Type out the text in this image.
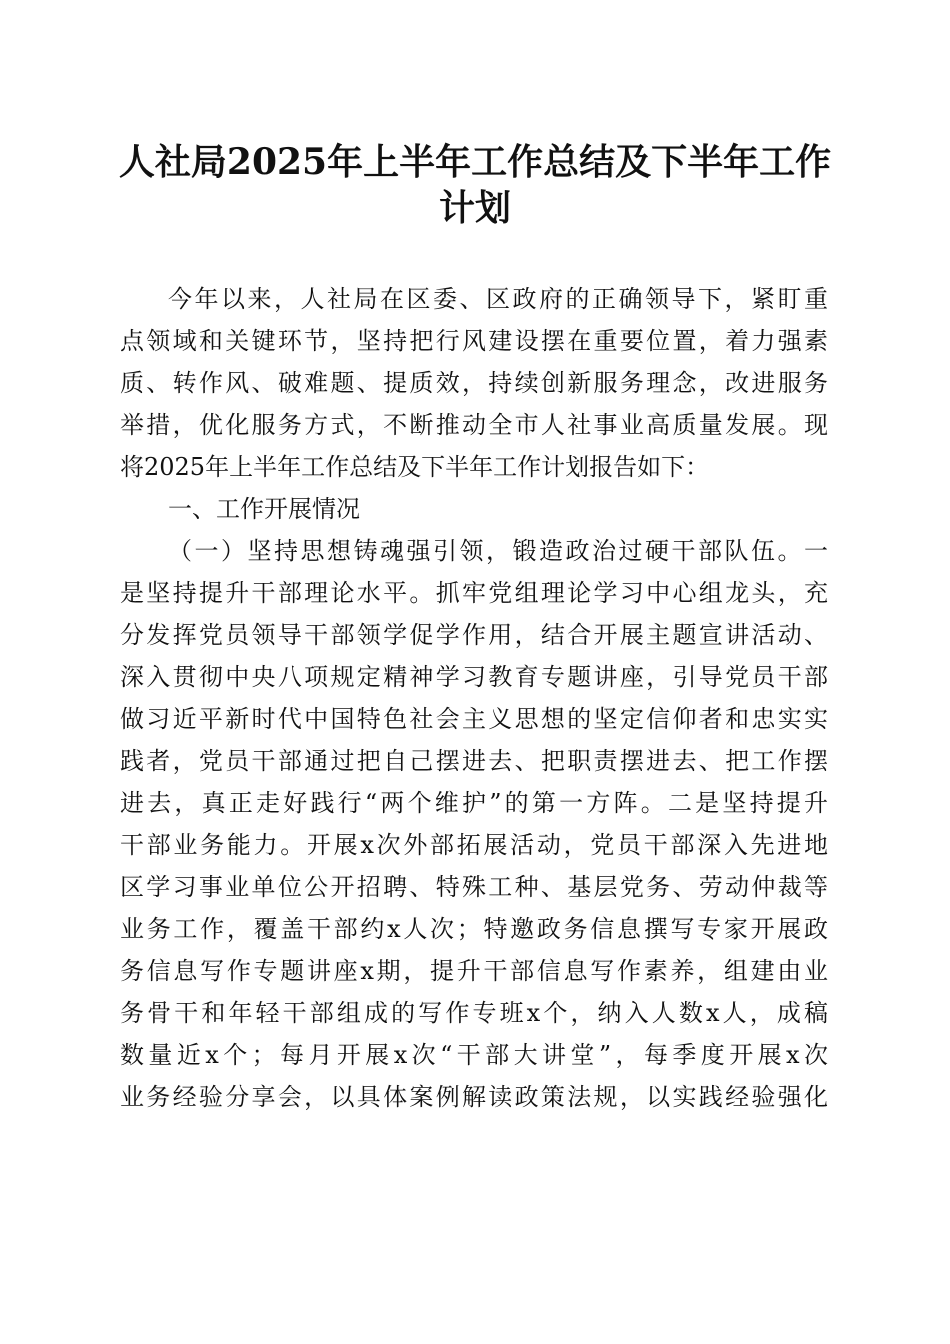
人社局2025年上半年工作总结及下半年工作
计划
今年以来，人社局在区委、区政府的正确领导下，紧盯重
点领域和关键环节，坚持把行风建设摆在重要位置，着力强素
质、转作风、破难题、提质效，持续创新服务理念，改进服务
举措，优化服务方式，不断推动全市人社事业高质量发展。现
将2025年上半年工作总结及下半年工作计划报告如下：
一、工作开展情况
（一）坚持思想铸魂强引领，锻造政治过硬干部队伍。一
是坚持提升干部理论水平。抓牢党组理论学习中心组龙头，充
分发挥党员领导干部领学促学作用，结合开展主题宣讲活动、
深入贯彻中央八项规定精神学习教育专题讲座，引导党员干部
做习近平新时代中国特色社会主义思想的坚定信仰者和忠实实
践者，党员干部通过把自己摆进去、把职责摆进去、把工作摆
进去，真正走好践行“两个维护”的第一方阵。二是坚持提升
干部业务能力。开展x次外部拓展活动，党员干部深入先进地
区学习事业单位公开招聘、特殊工种、基层党务、劳动仲裁等
业务工作，覆盖干部约x人次；特邀政务信息撰写专家开展政
务信息写作专题讲座x期，提升干部信息写作素养，组建由业
务骨干和年轻干部组成的写作专班x个，纳入人数x人，成稿
数量近x个；每月开展x次“干部大讲堂”，每季度开展x次
业务经验分享会，以具体案例解读政策法规，以实践经验强化
